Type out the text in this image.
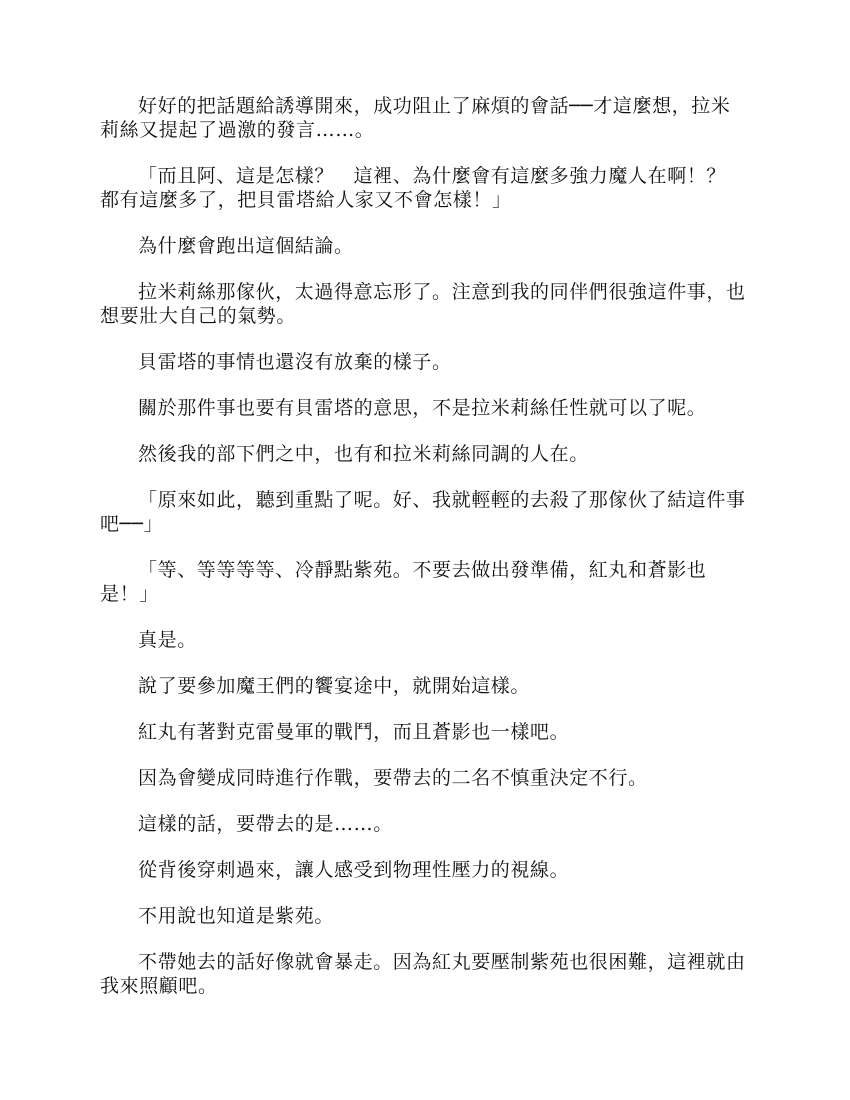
好好的把話題給誘導開來，成功阻止了麻煩的會話──才這麼想，拉米莉絲又提起了過激的發言……。

「而且阿、這是怎樣？　這裡、為什麼會有這麼多強力魔人在啊！？　都有這麼多了，把貝雷塔給人家又不會怎樣！」

為什麼會跑出這個結論。

拉米莉絲那傢伙，太過得意忘形了。注意到我的同伴們很強這件事，也想要壯大自己的氣勢。

貝雷塔的事情也還沒有放棄的樣子。

關於那件事也要有貝雷塔的意思，不是拉米莉絲任性就可以了呢。

然後我的部下們之中，也有和拉米莉絲同調的人在。

「原來如此，聽到重點了呢。好、我就輕輕的去殺了那傢伙了結這件事吧──」

「等、等等等等、冷靜點紫苑。不要去做出發準備，紅丸和蒼影也是！」

真是。

說了要參加魔王們的饗宴途中，就開始這樣。

紅丸有著對克雷曼軍的戰鬥，而且蒼影也一樣吧。

因為會變成同時進行作戰，要帶去的二名不慎重決定不行。

這樣的話，要帶去的是……。

從背後穿刺過來，讓人感受到物理性壓力的視線。

不用說也知道是紫苑。

不帶她去的話好像就會暴走。因為紅丸要壓制紫苑也很困難，這裡就由我來照顧吧。
